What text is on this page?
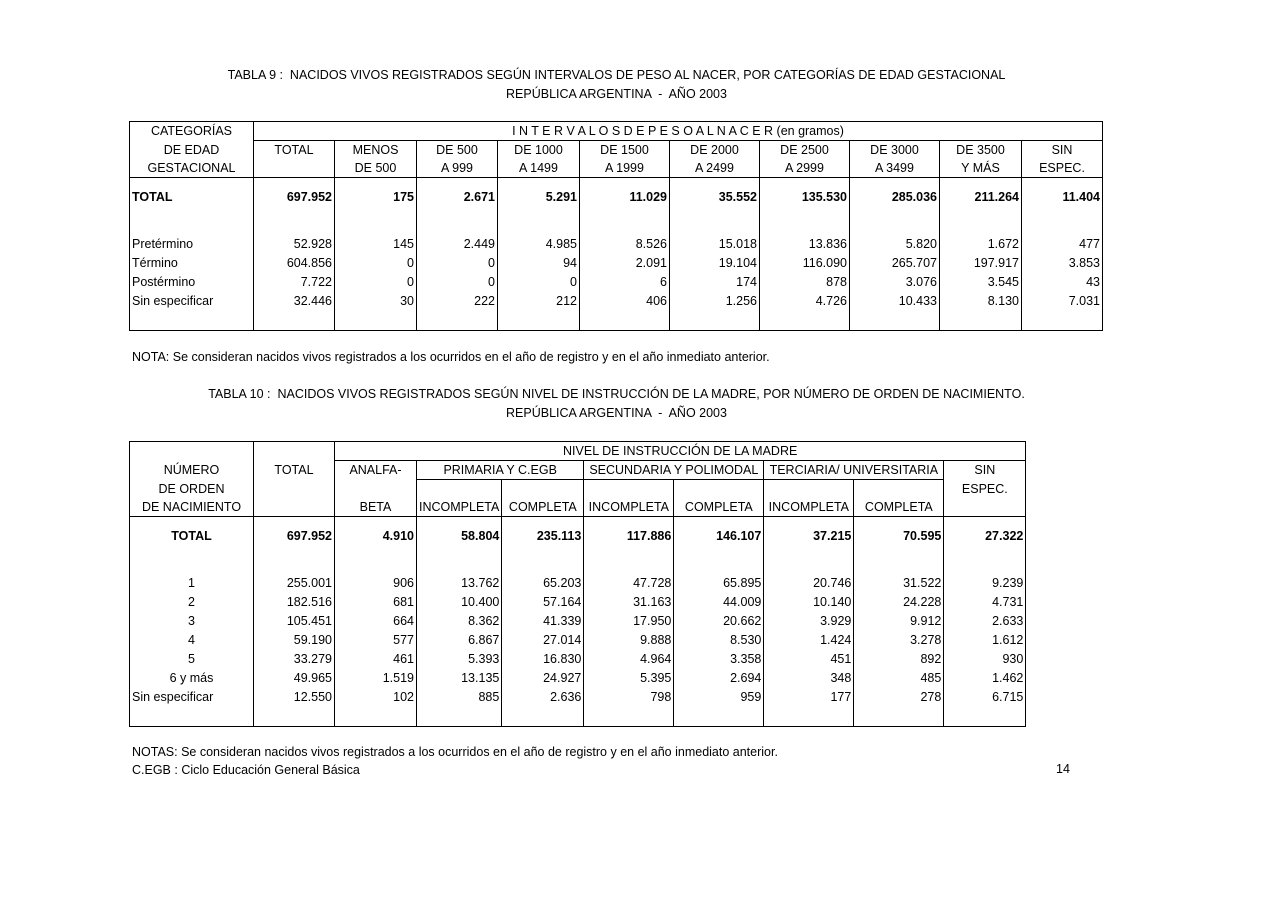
TABLA 9 :  NACIDOS VIVOS REGISTRADOS SEGÚN INTERVALOS DE PESO AL NACER, POR CATEGORÍAS DE EDAD GESTACIONAL
REPÚBLICA ARGENTINA  -  AÑO 2003
CATEGORÍAS	I N T E R V A L O S D E P E S O A L N A C E R (en gramos)									
DE EDAD	TOTAL	MENOS	DE 500	DE 1000	DE 1500	DE 2000	DE 2500	DE 3000	DE 3500	SIN
GESTACIONAL		DE 500	A 999	A 1499	A 1999	A 2499	A 2999	A 3499	Y MÁS	ESPEC.
TOTAL	697.952	175	2.671	5.291	11.029	35.552	135.530	285.036	211.264	11.404

Pretérmino	52.928	145	2.449	4.985	8.526	15.018	13.836	5.820	1.672	477
Término	604.856	0	0	94	2.091	19.104	116.090	265.707	197.917	3.853
Postérmino	7.722	0	0	0	6	174	878	3.076	3.545	43
Sin especificar	32.446	30	222	212	406	1.256	4.726	10.433	8.130	7.031

NOTA: Se consideran nacidos vivos registrados a los ocurridos en el año de registro y en el año inmediato anterior.
TABLA 10 :  NACIDOS VIVOS REGISTRADOS SEGÚN NIVEL DE INSTRUCCIÓN DE LA MADRE, POR NÚMERO DE ORDEN DE NACIMIENTO.
REPÚBLICA ARGENTINA  -  AÑO 2003
		NIVEL DE INSTRUCCIÓN DE LA MADRE							
NÚMERO	TOTAL	ANALFA-	PRIMARIA Y C.EGB		SECUNDARIA Y POLIMODAL		TERCIARIA/ UNIVERSITARIA		SIN
DE ORDEN									ESPEC.
DE NACIMIENTO		BETA	INCOMPLETA	COMPLETA	INCOMPLETA	COMPLETA	INCOMPLETA	COMPLETA	
TOTAL	697.952	4.910	58.804	235.113	117.886	146.107	37.215	70.595	27.322

1	255.001	906	13.762	65.203	47.728	65.895	20.746	31.522	9.239
2	182.516	681	10.400	57.164	31.163	44.009	10.140	24.228	4.731
3	105.451	664	8.362	41.339	17.950	20.662	3.929	9.912	2.633
4	59.190	577	6.867	27.014	9.888	8.530	1.424	3.278	1.612
5	33.279	461	5.393	16.830	4.964	3.358	451	892	930
6 y más	49.965	1.519	13.135	24.927	5.395	2.694	348	485	1.462
Sin especificar	12.550	102	885	2.636	798	959	177	278	6.715

NOTAS: Se consideran nacidos vivos registrados a los ocurridos en el año de registro y en el año inmediato anterior.
C.EGB : Ciclo Educación General Básica	14
